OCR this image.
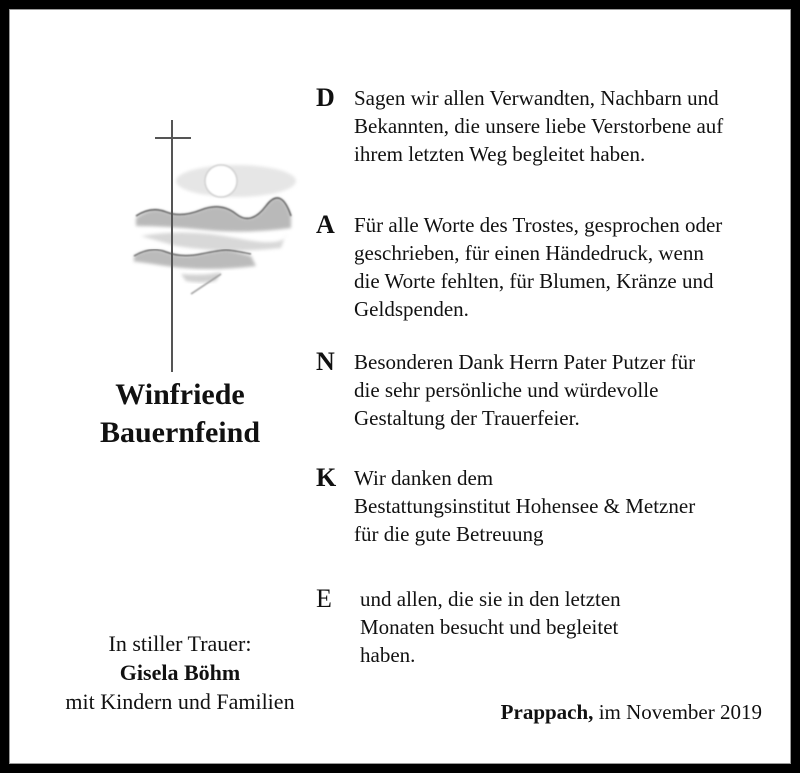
Winfriede
Bauernfeind
In stiller Trauer:
Gisela Böhm
mit Kindern und Familien
D Sagen wir allen Verwandten, Nachbarn und
Bekannten, die unsere liebe Verstorbene auf
ihrem letzten Weg begleitet haben.
A Für alle Worte des Trostes, gesprochen oder
geschrieben, für einen Händedruck, wenn
die Worte fehlten, für Blumen, Kränze und
Geldspenden.
N Besonderen Dank Herrn Pater Putzer für
die sehr persönliche und würdevolle
Gestaltung der Trauerfeier.
K Wir danken dem
Bestattungsinstitut Hohensee & Metzner
für die gute Betreuung
E und allen, die sie in den letzten
Monaten besucht und begleitet
haben.
Prappach, im November 2019
